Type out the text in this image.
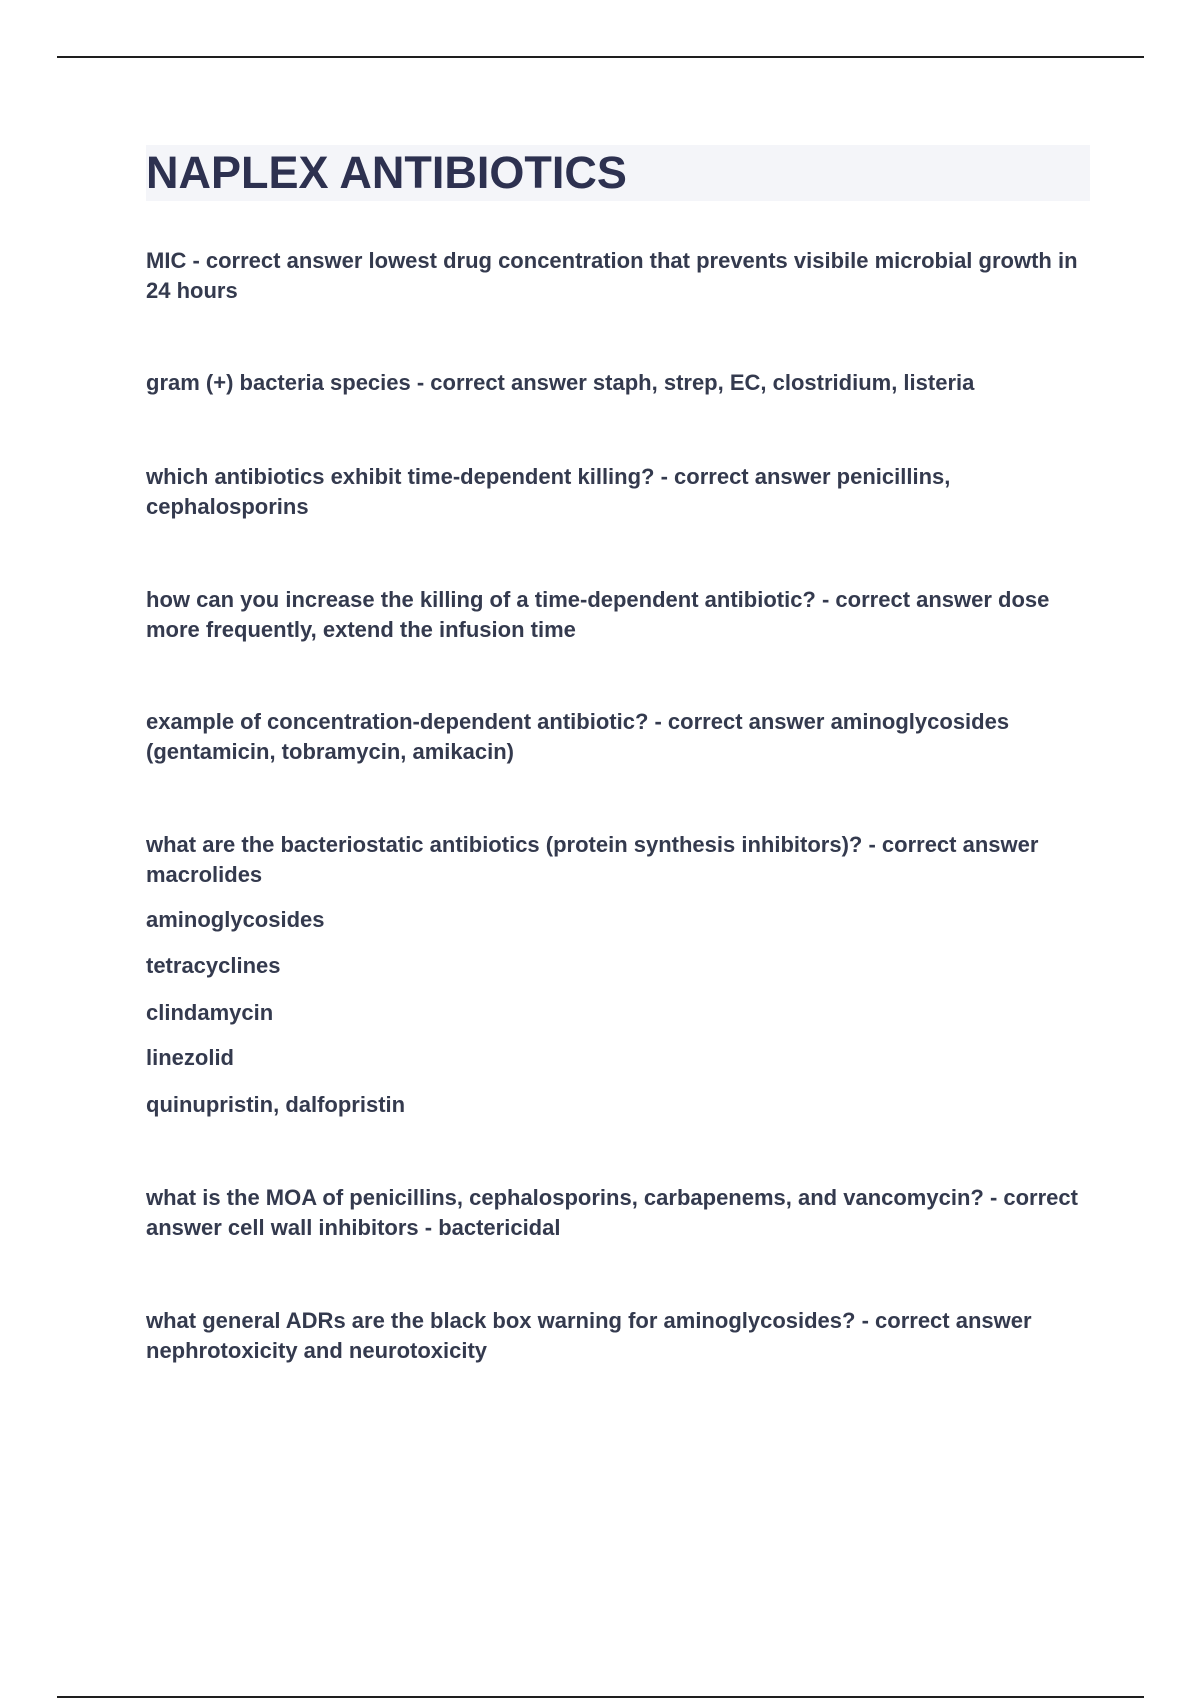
NAPLEX ANTIBIOTICS

MIC - correct answer lowest drug concentration that prevents visibile microbial growth in 24 hours

gram (+) bacteria species - correct answer staph, strep, EC, clostridium, listeria

which antibiotics exhibit time-dependent killing? - correct answer penicillins, cephalosporins

how can you increase the killing of a time-dependent antibiotic? - correct answer dose more frequently, extend the infusion time

example of concentration-dependent antibiotic? - correct answer aminoglycosides (gentamicin, tobramycin, amikacin)

what are the bacteriostatic antibiotics (protein synthesis inhibitors)? - correct answer macrolides

aminoglycosides

tetracyclines

clindamycin

linezolid

quinupristin, dalfopristin

what is the MOA of penicillins, cephalosporins, carbapenems, and vancomycin? - correct answer cell wall inhibitors - bactericidal

what general ADRs are the black box warning for aminoglycosides? - correct answer nephrotoxicity and neurotoxicity
